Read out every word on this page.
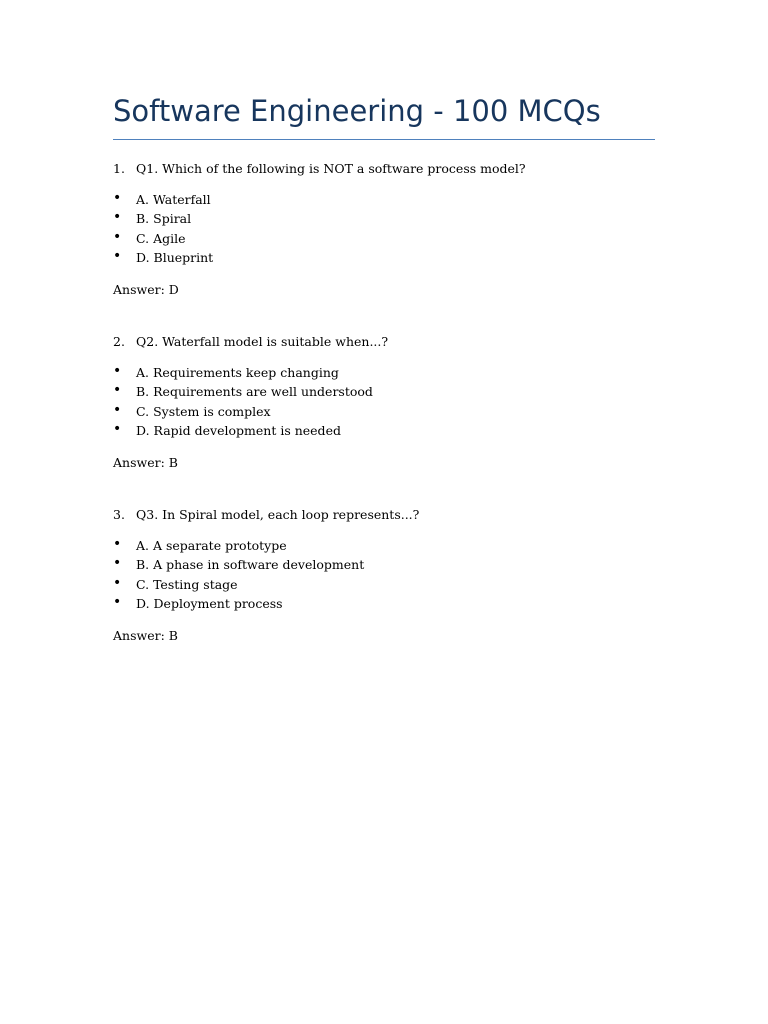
Software Engineering - 100 MCQs
1. Q1. Which of the following is NOT a software process model?
• A. Waterfall
• B. Spiral
• C. Agile
• D. Blueprint
Answer: D
2. Q2. Waterfall model is suitable when...?
• A. Requirements keep changing
• B. Requirements are well understood
• C. System is complex
• D. Rapid development is needed
Answer: B
3. Q3. In Spiral model, each loop represents...?
• A. A separate prototype
• B. A phase in software development
• C. Testing stage
• D. Deployment process
Answer: B
